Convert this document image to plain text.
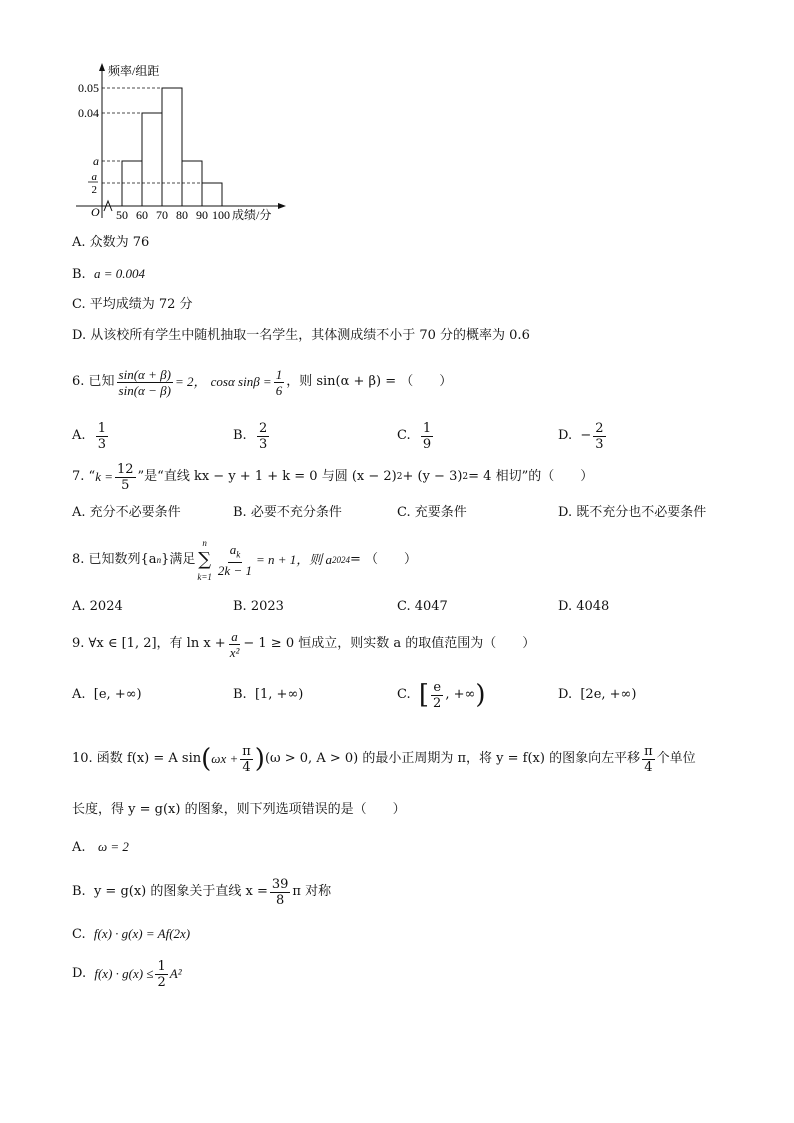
0.05
0.04
a
a
2
频率/组距
O 50 60 70 80 90 100 成绩/分
A. 众数为 76
B. a = 0.004
C. 平均成绩为 72 分
D. 从该校所有学生中随机抽取一名学生，其体测成绩不小于 70 分的概率为 0.6
6. 已知 $\frac{\sin(\alpha + \beta)}{\sin(\alpha - \beta)} = 2$，
cosα $\sin\beta = \frac{1}{6}$ ，则 sin(α + β) = （　　）
A.
$\frac{1}{3}$	B.
$\frac{2}{3}$	C.
$\frac{1}{9}$	D.
− $\frac{2}{3}$
7. “ $k = \frac{12}{5}$ ”是“直线 kx − y + 1 + k = 0 与圆 (x − 2) 2 + (y − 3) 2 = 4 相切”的（　　）
A. 充分不必要条件	B. 必要不充分条件	C. 充要条件	D. 既不充分也不必要条件
8. 已知数列{a n }满足
n
∑
$k=1 \frac{a_k}{2k - 1} = n + 1$，则 a 2024 = （　　）
A. 2024	B. 2023	C. 4047	D. 4048
9. ∀x ∈ [1, 2]，有 $\ln x + \frac{a}{\text{x²}} - 1 \ge 0$ 恒成立，则实数 a 的取值范围为（　　）
A. [e, +∞)	B. [1, +∞)	C.
[ $\frac{e}{2}$ , +∞ )	D. [2e, +∞)
10. 函数 f(x) = A sin ( $\omega x + \frac{\pi}{4}$ ) (ω > 0, A > 0) 的最小正周期为 π，将 y = f(x) 的图象向左平移 $\frac{\pi}{4}$ 个单位
长度，得 y = g(x) 的图象，则下列选项错误的是（　　）
A. ω = 2
B.
y = g(x) 的图象关于直线 $x = \frac{39}{8}$ π 对称
C. f(x) · g(x) = Af(2x)
D.
$f(x) \cdot g(x) \le \frac{1}{2} A^2$
